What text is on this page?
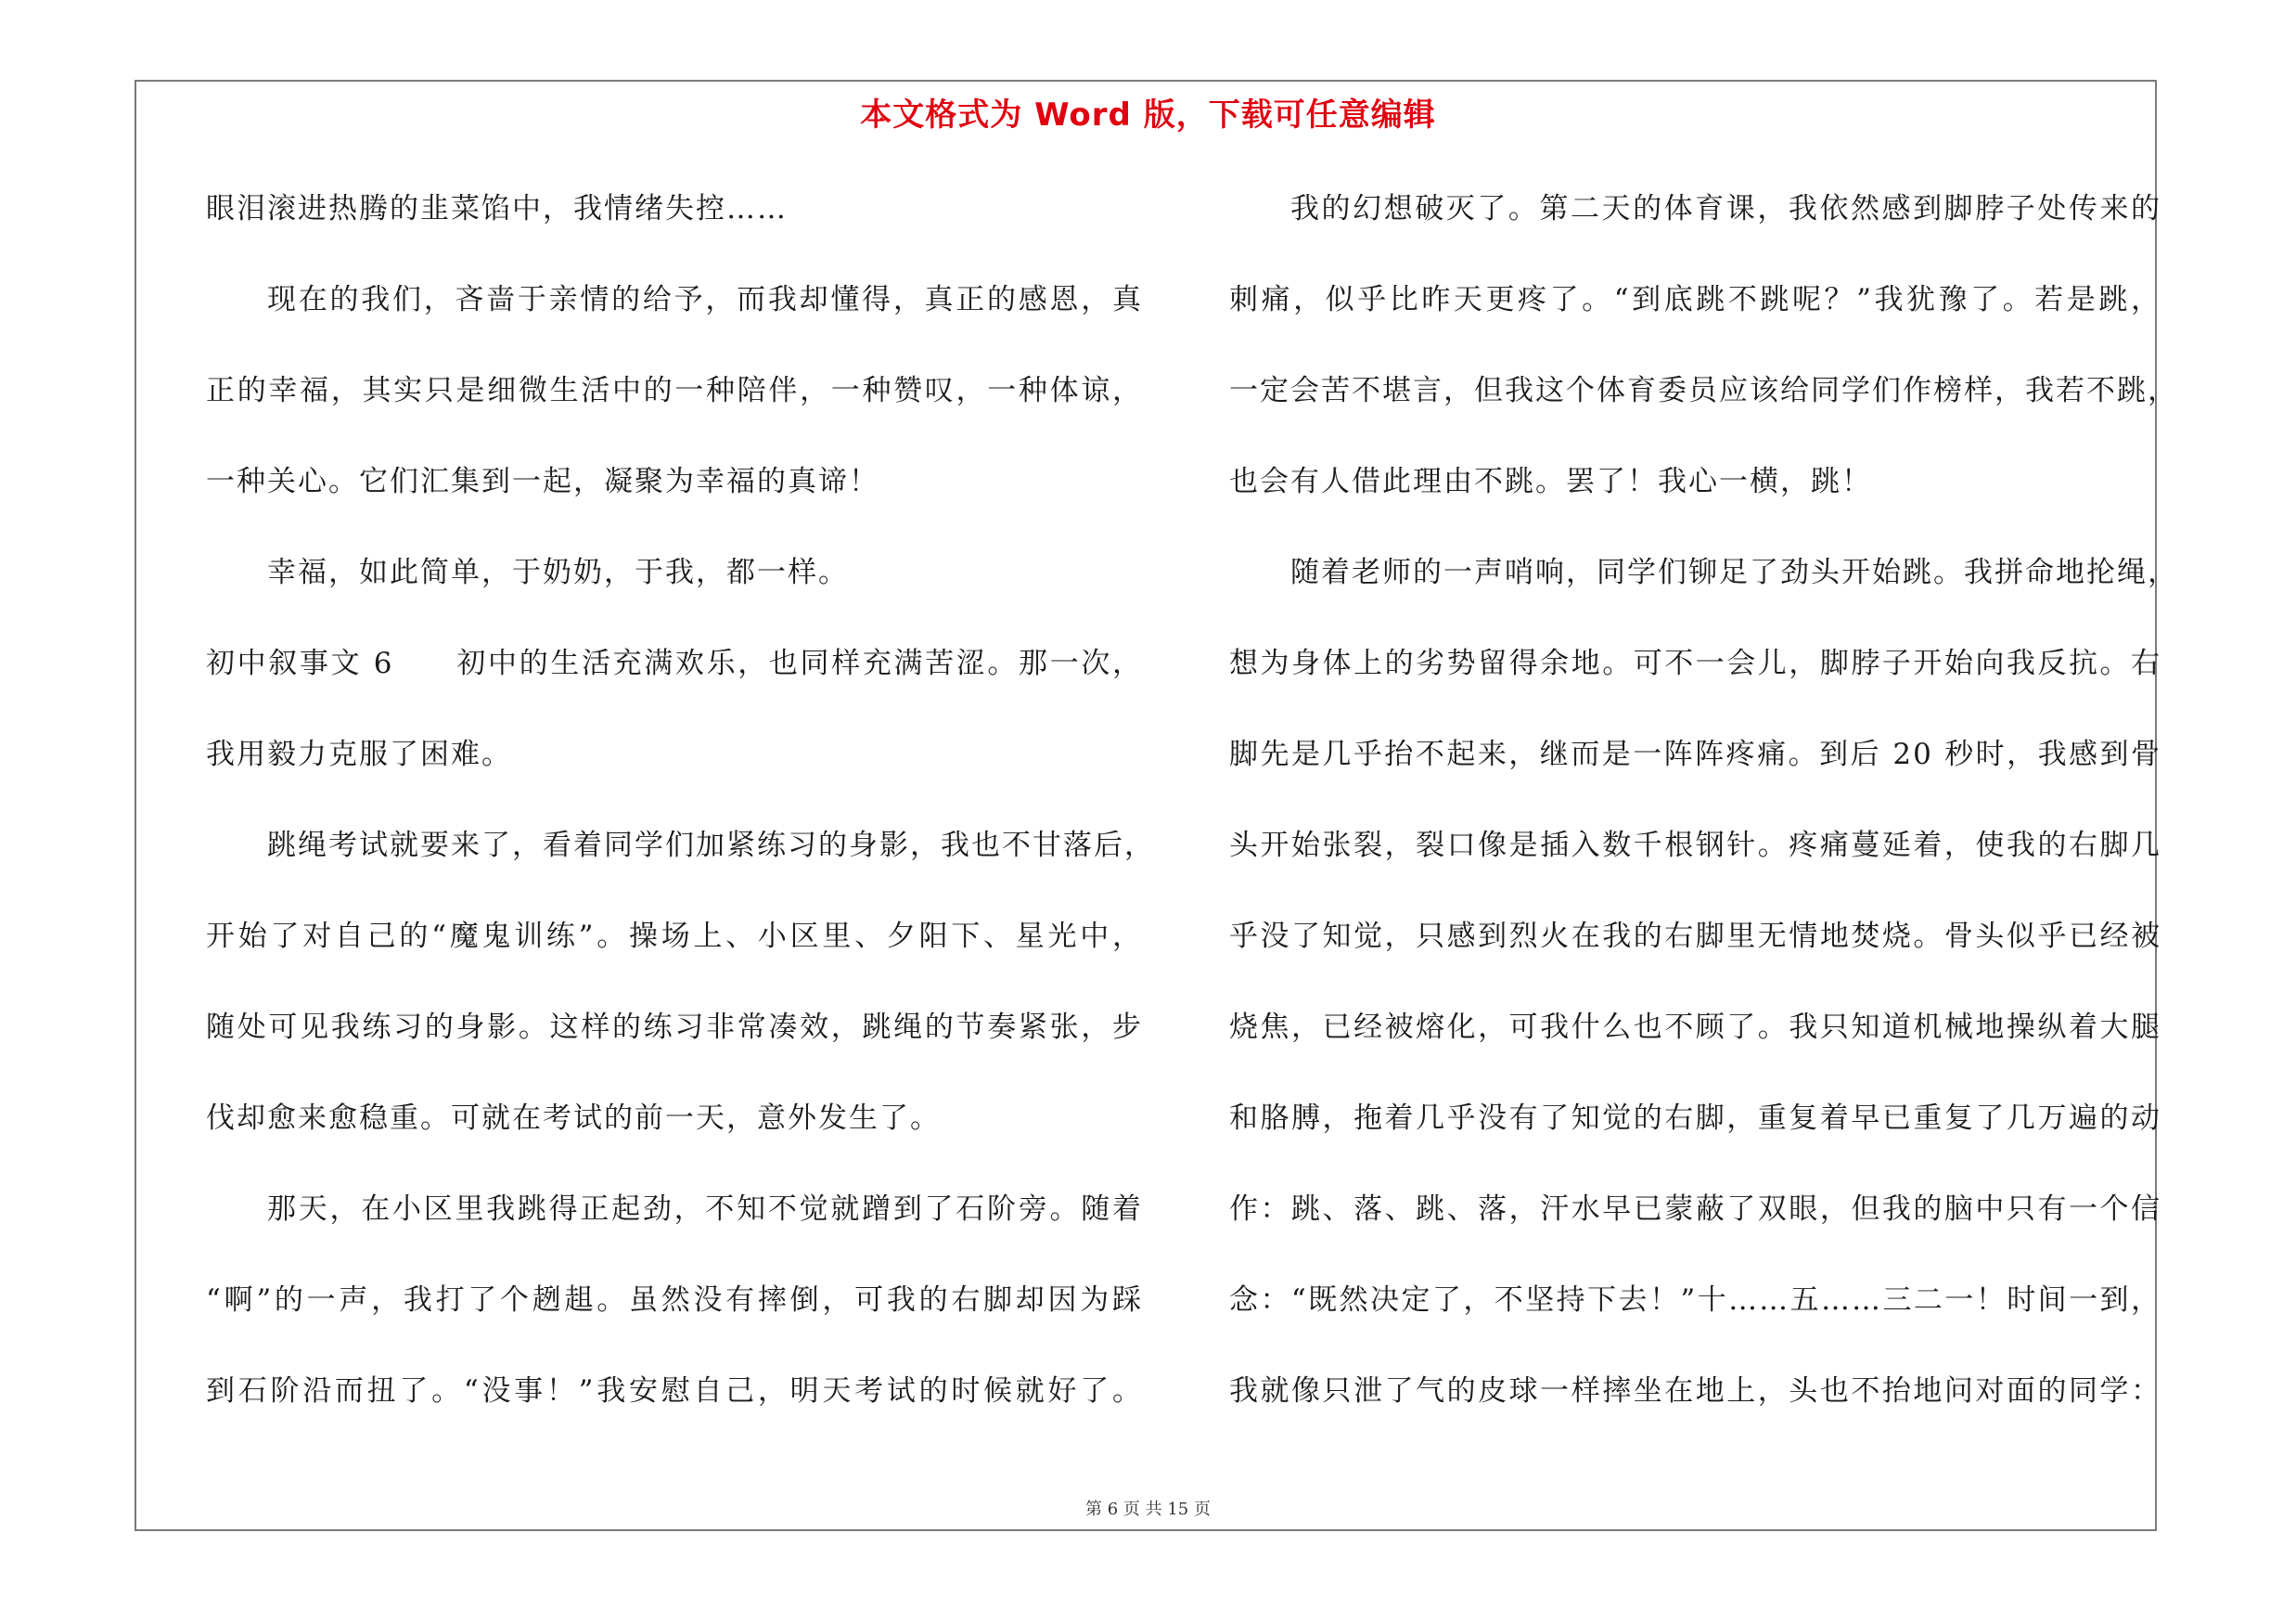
本文格式为 Word 版，下载可任意编辑
眼泪滚进热腾的韭菜馅中，我情绪失控……
现在的我们，吝啬于亲情的给予，而我却懂得，真正的感恩，真
正的幸福，其实只是细微生活中的一种陪伴，一种赞叹，一种体谅，
一种关心。它们汇集到一起，凝聚为幸福的真谛！
幸福，如此简单，于奶奶，于我，都一样。
初中叙事文 6　　初中的生活充满欢乐，也同样充满苦涩。那一次，
我用毅力克服了困难。
跳绳考试就要来了，看着同学们加紧练习的身影，我也不甘落后，
开始了对自己的“魔鬼训练”。操场上、小区里、夕阳下、星光中，
随处可见我练习的身影。这样的练习非常凑效，跳绳的节奏紧张，步
伐却愈来愈稳重。可就在考试的前一天，意外发生了。
那天，在小区里我跳得正起劲，不知不觉就蹭到了石阶旁。随着
“啊”的一声，我打了个趔趄。虽然没有摔倒，可我的右脚却因为踩
到石阶沿而扭了。“没事！”我安慰自己，明天考试的时候就好了。
我的幻想破灭了。第二天的体育课，我依然感到脚脖子处传来的
刺痛，似乎比昨天更疼了。“到底跳不跳呢？”我犹豫了。若是跳，
一定会苦不堪言，但我这个体育委员应该给同学们作榜样，我若不跳，
也会有人借此理由不跳。罢了！我心一横，跳！
随着老师的一声哨响，同学们铆足了劲头开始跳。我拼命地抡绳，
想为身体上的劣势留得余地。可不一会儿，脚脖子开始向我反抗。右
脚先是几乎抬不起来，继而是一阵阵疼痛。到后 20 秒时，我感到骨
头开始张裂，裂口像是插入数千根钢针。疼痛蔓延着，使我的右脚几
乎没了知觉，只感到烈火在我的右脚里无情地焚烧。骨头似乎已经被
烧焦，已经被熔化，可我什么也不顾了。我只知道机械地操纵着大腿
和胳膊，拖着几乎没有了知觉的右脚，重复着早已重复了几万遍的动
作：跳、落、跳、落，汗水早已蒙蔽了双眼，但我的脑中只有一个信
念：“既然决定了，不坚持下去！”十……五……三二一！时间一到，
我就像只泄了气的皮球一样摔坐在地上，头也不抬地问对面的同学：
第 6 页 共 15 页
